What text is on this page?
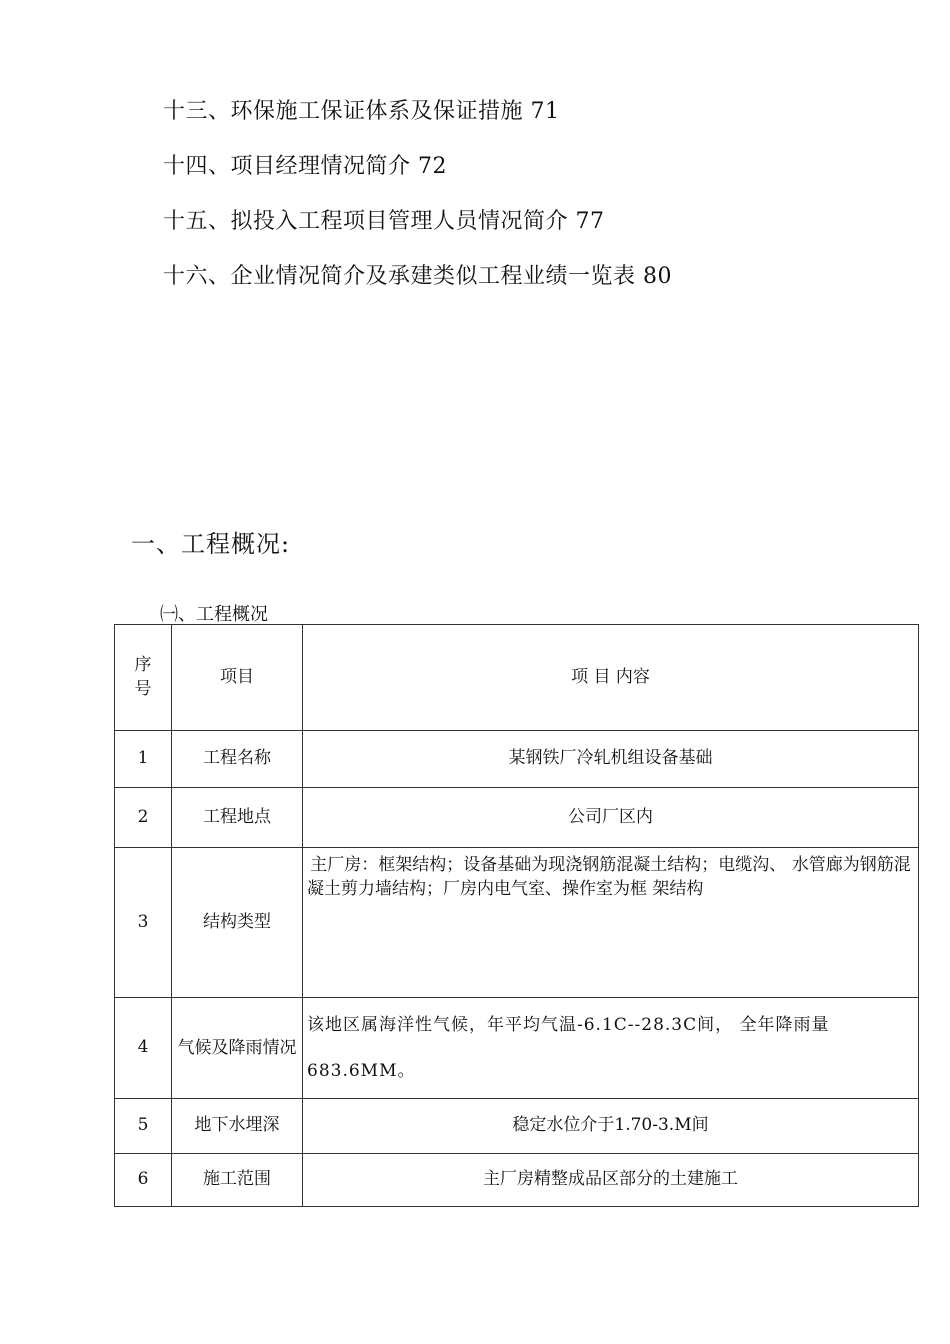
十三、环保施工保证体系及保证措施 71
十四、项目经理情况简介 72
十五、拟投入工程项目管理人员情况简介 77
十六、企业情况简介及承建类似工程业绩一览表 80
一、工程概况:
㈠、工程概况
序
号	项目	项 目 内容
1	工程名称	某钢铁厂冷轧机组设备基础
2	工程地点	公司厂区内
3	结构类型	主厂房：框架结构；设备基础为现浇钢筋混凝土结构；电缆沟、 水管廊为钢筋混凝土剪力墙结构；厂房内电气室、操作室为框 架结构
4	气候及降雨情况	该地区属海洋性气候，年平均气温-6.1C--28.3C间， 全年降雨量683.6MM。
5	地下水埋深	稳定水位介于1.70-3.M间
6	施工范围	主厂房精整成品区部分的土建施工
